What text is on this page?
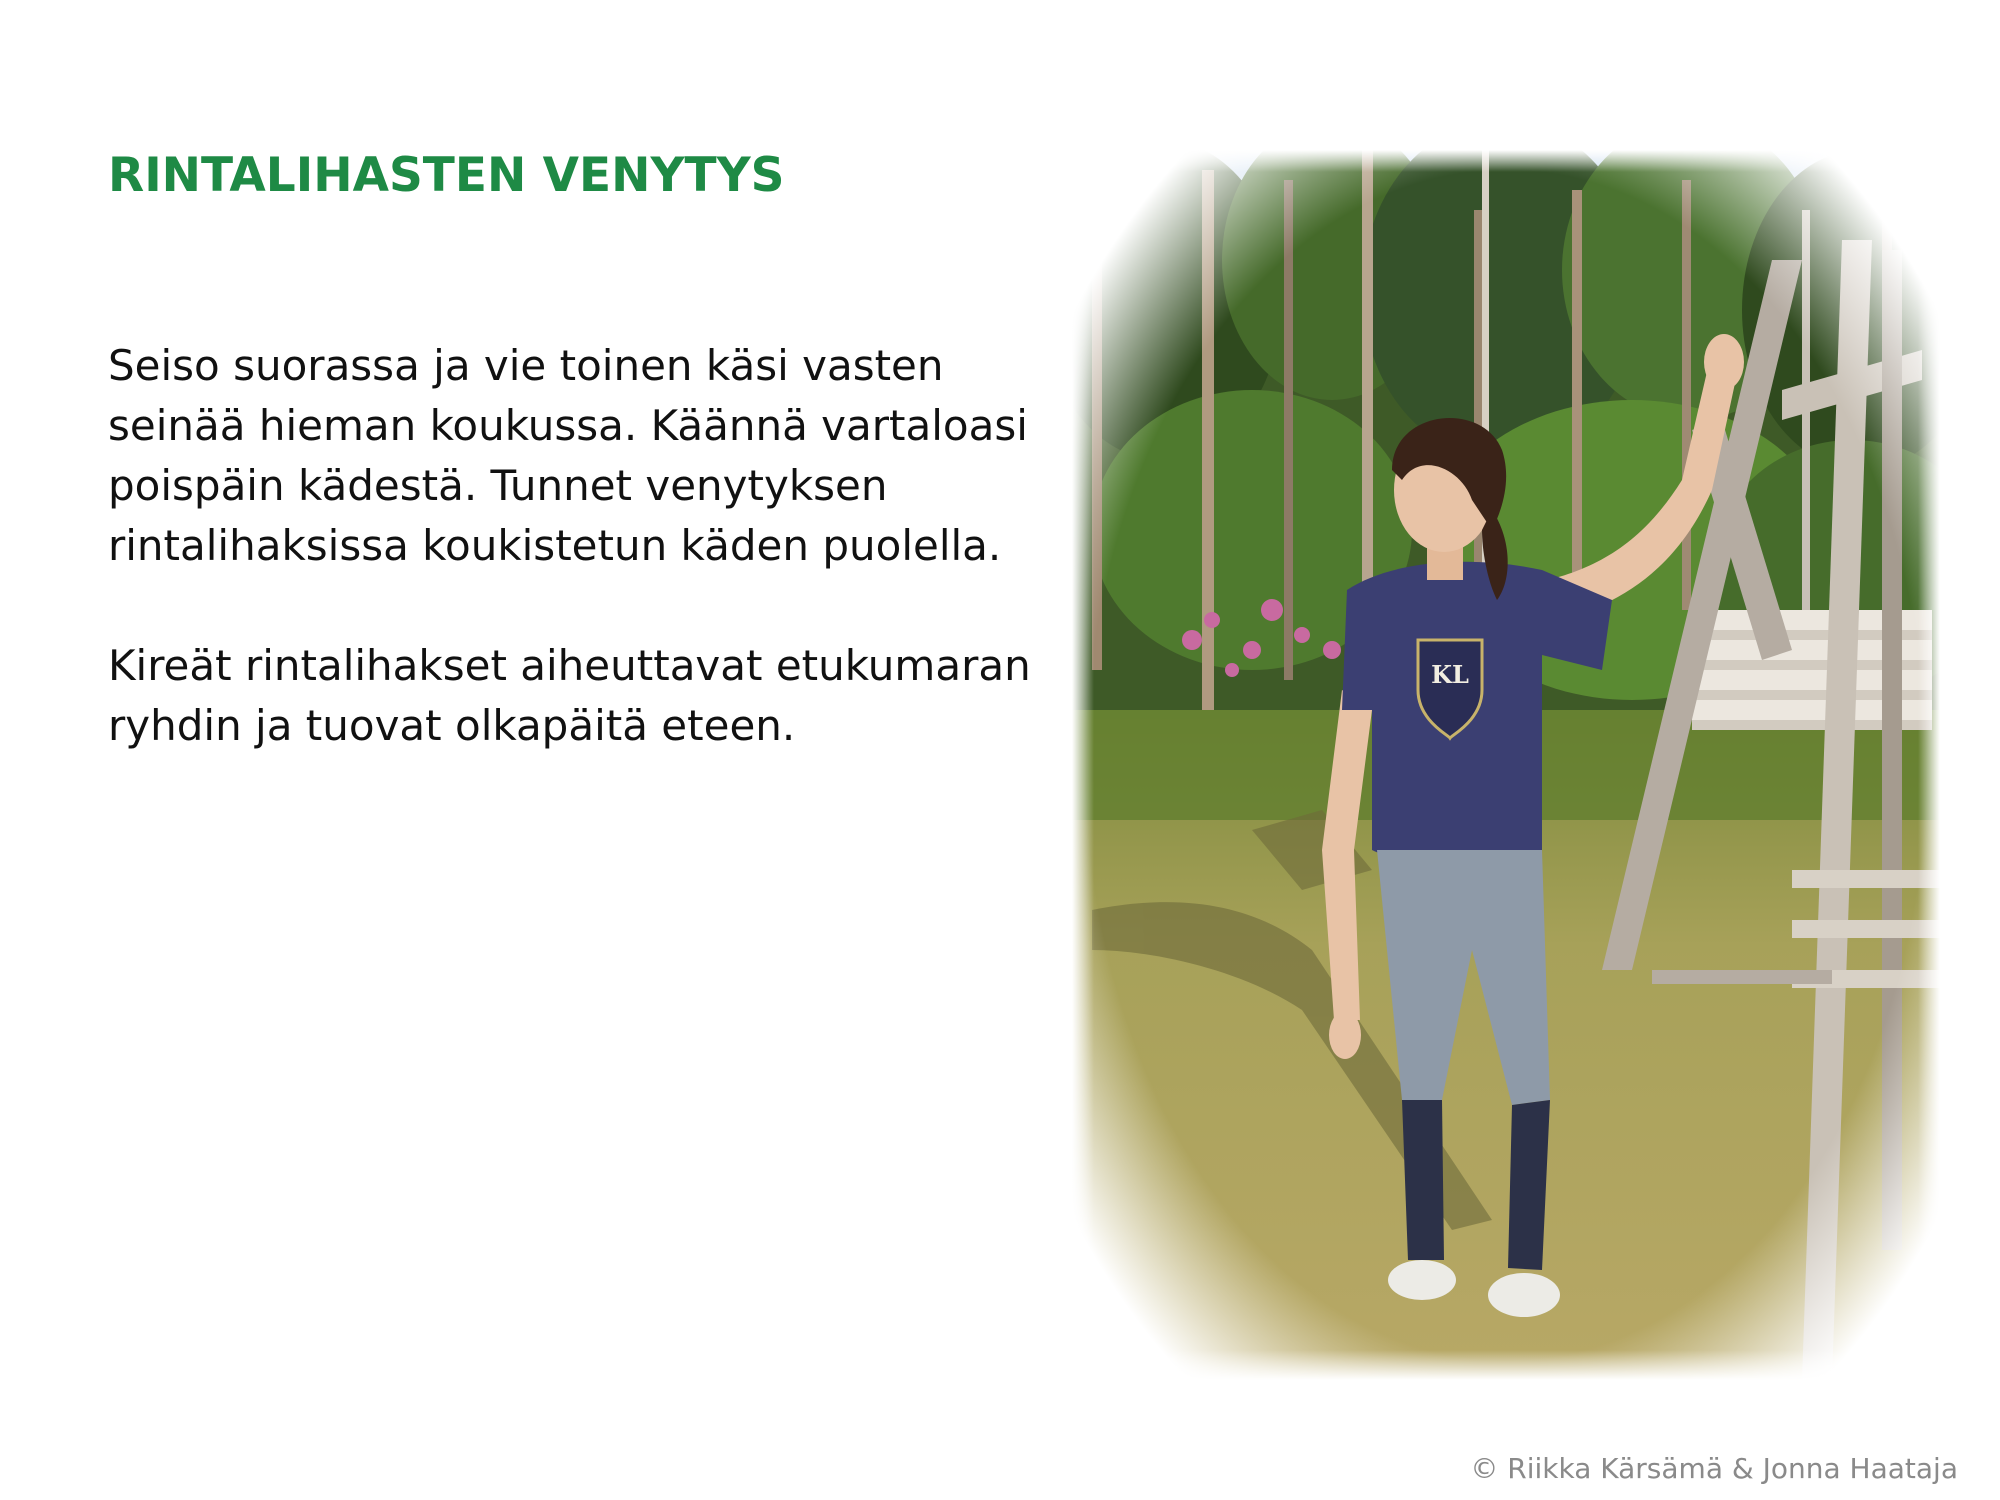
RINTALIHASTEN VENYTYS

Seiso suorassa ja vie toinen käsi vasten seinää hieman koukussa. Käännä vartaloasi poispäin kädestä. Tunnet venytyksen rintalihaksissa koukistetun käden puolella.

Kireät rintalihakset aiheuttavat etukumaran ryhdin ja tuovat olkapäitä eteen.

© Riikka Kärsämä & Jonna Haataja
